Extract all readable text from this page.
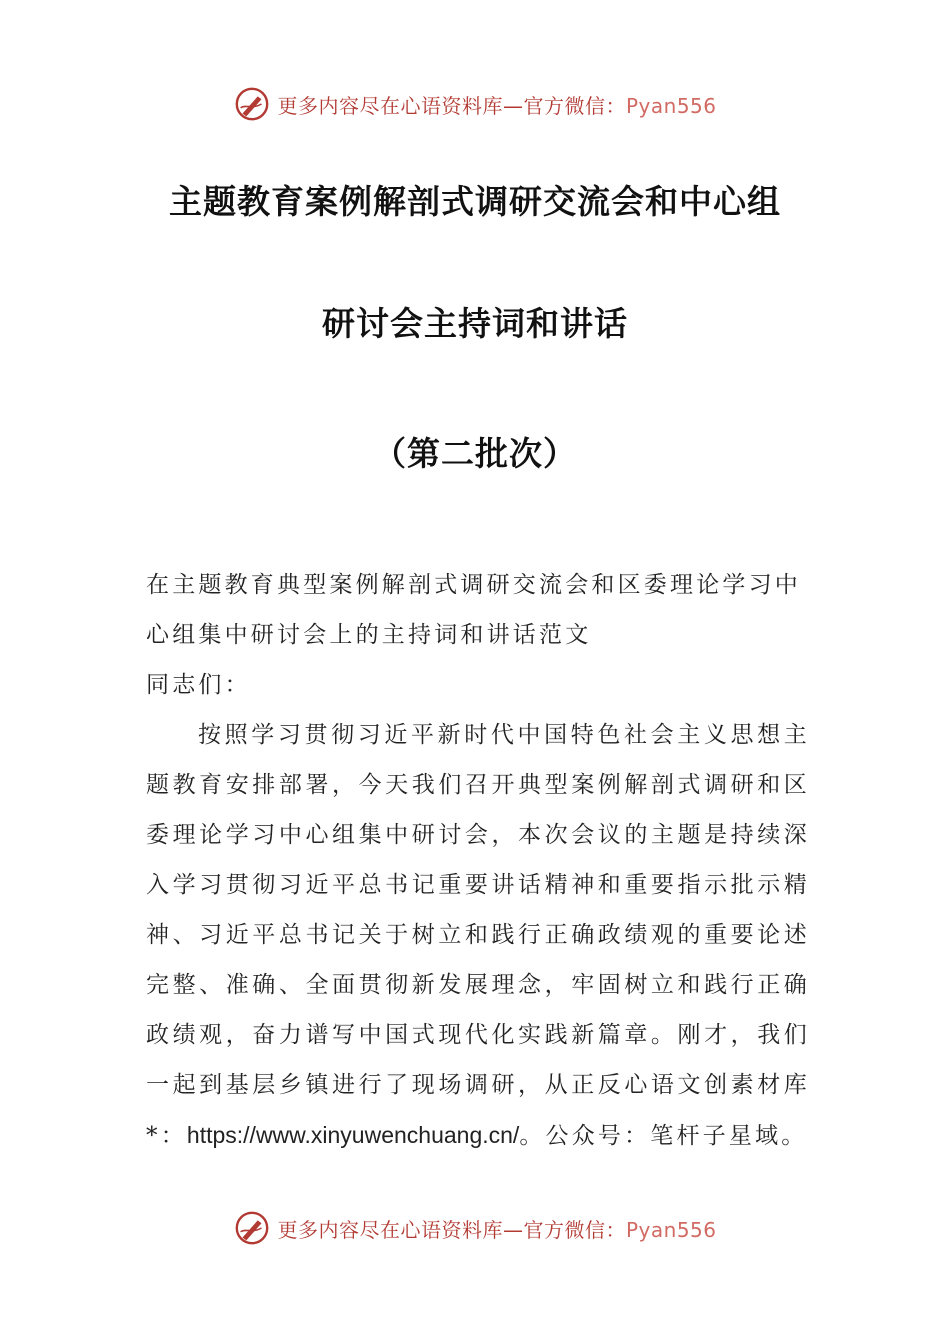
更多内容尽在心语资料库—官方微信：Pyan556
主题教育案例解剖式调研交流会和中心组
研讨会主持词和讲话
（第二批次）
在主题教育典型案例解剖式调研交流会和区委理论学习中心组集中研讨会上的主持词和讲话范文
同志们：

按照学习贯彻习近平新时代中国特色社会主义思想主题教育安排部署，今天我们召开典型案例解剖式调研和区委理论学习中心组集中研讨会，本次会议的主题是持续深入学习贯彻习近平总书记重要讲话精神和重要指示批示精神、习近平总书记关于树立和践行正确政绩观的重要论述完整、准确、全面贯彻新发展理念，牢固树立和践行正确政绩观，奋力谱写中国式现代化实践新篇章。刚才，我们一起到基层乡镇进行了现场调研，从正反心语文创素材库*：https://www.xinyuwenchuang.cn/。公众号：笔杆子星域。

更多内容尽在心语资料库—官方微信：Pyan556
